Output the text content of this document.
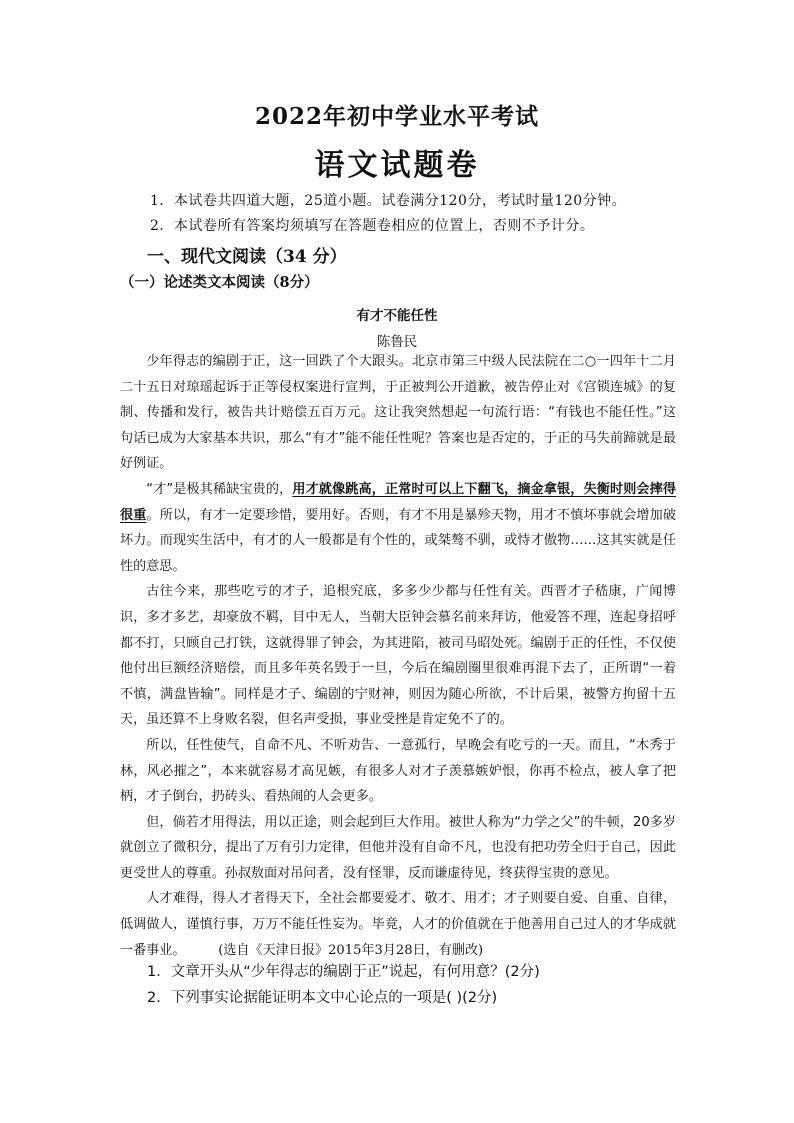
2022年初中学业水平考试
语文试题卷
1．本试卷共四道大题，25道小题。试卷满分120分，考试时量120分钟。
2．本试卷所有答案均须填写在答题卷相应的位置上，否则不予计分。
一、现代文阅读（34 分）
（一）论述类文本阅读（8分）
有才不能任性
陈鲁民

少年得志的编剧于正，这一回跌了个大跟头。北京市第三中级人民法院在二○一四年十二月二十五日对琼瑶起诉于正等侵权案进行宣判，于正被判公开道歉，被告停止对《宫锁连城》的复制、传播和发行，被告共计赔偿五百万元。这让我突然想起一句流行语：“有钱也不能任性。”这句话已成为大家基本共识，那么“有才”能不能任性呢？答案也是否定的，于正的马失前蹄就是最好例证。

“才”是极其稀缺宝贵的，用才就像跳高，正常时可以上下翻飞，摘金拿银，失衡时则会摔得很重。所以，有才一定要珍惜，要用好。否则，有才不用是暴殄天物，用才不慎坏事就会增加破坏力。而现实生活中，有才的人一般都是有个性的，或桀骜不驯，或恃才傲物……这其实就是任性的意思。

古往今来，那些吃亏的才子，追根究底，多多少少都与任性有关。西晋才子嵇康，广闻博识，多才多艺，却豪放不羁，目中无人，当朝大臣钟会慕名前来拜访，他爱答不理，连起身招呼都不打，只顾自己打铁，这就得罪了钟会，为其进陷，被司马昭处死。编剧于正的任性，不仅使他付出巨额经济赔偿，而且多年英名毁于一旦，今后在编剧圈里很难再混下去了，正所谓“一着不慎，满盘皆输”。同样是才子、编剧的宁财神，则因为随心所欲，不计后果，被警方拘留十五天，虽还算不上身败名裂，但名声受损，事业受挫是肯定免不了的。

所以，任性使气，自命不凡、不听劝告、一意孤行，早晚会有吃亏的一天。而且，“木秀于林，风必摧之”，本来就容易才高见嫉，有很多人对才子羡慕嫉妒恨，你再不检点，被人拿了把柄，才子倒台，扔砖头、看热闹的人会更多。

但，倘若才用得法，用以正途，则会起到巨大作用。被世人称为“力学之父”的牛顿，20多岁就创立了微积分，提出了万有引力定律，但他并没有自命不凡，也没有把功劳全归于自己，因此更受世人的尊重。孙叔敖面对吊问者，没有怪罪，反而谦虚待见，终获得宝贵的意见。

人才难得，得人才者得天下，全社会都要爱才、敬才、用才；才子则要自爱、自重、自律，低调做人，谨慎行事，万万不能任性妄为。毕竟，人才的价值就在于他善用自己过人的才华成就一番事业。	(选自《天津日报》2015年3月28日，有删改)

1．文章开头从“少年得志的编剧于正”说起，有何用意？(2分)
2．下列事实论据能证明本文中心论点的一项是( )(2分)
